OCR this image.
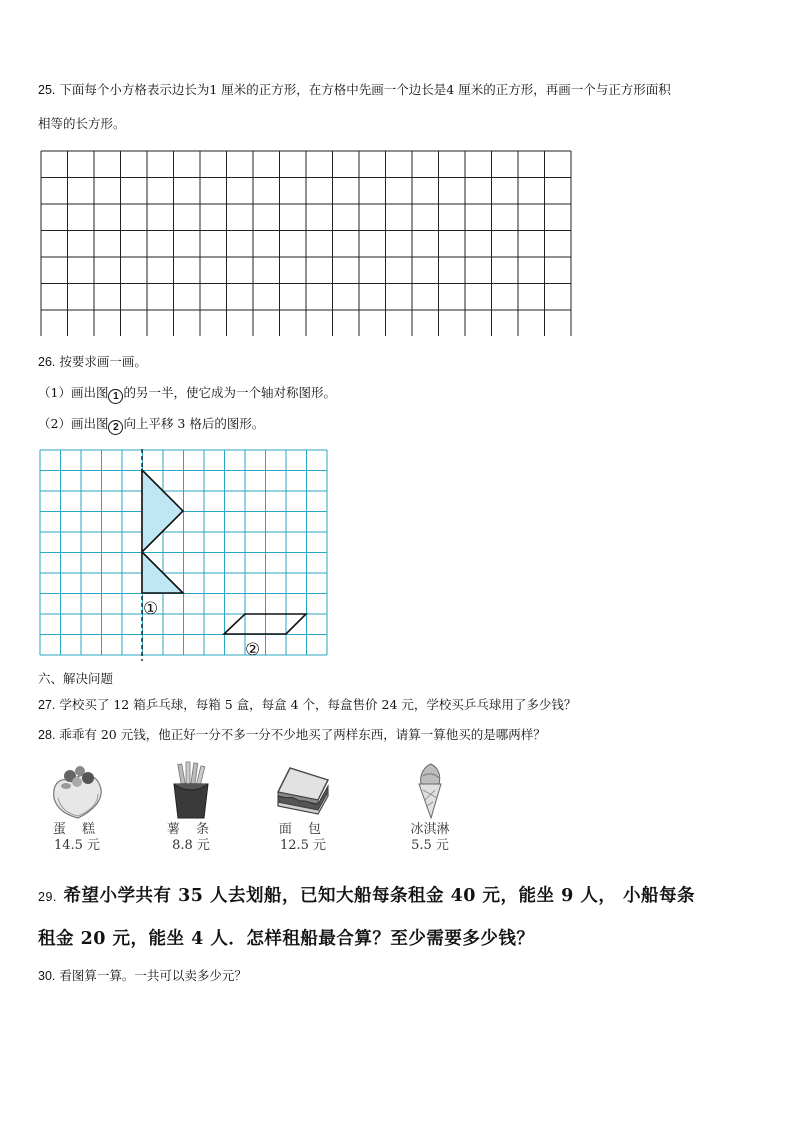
25. 下面每个小方格表示边长为1 厘米的正方形，在方格中先画一个边长是4 厘米的正方形，再画一个与正方形面积
相等的长方形。
26. 按要求画一画。
（1）画出图 1 的另一半，使它成为一个轴对称图形。
（2）画出图 2 向上平移 3 格后的图形。
①
②
六、解决问题
27. 学校买了 12 箱乒乓球，每箱 5 盒，每盒 4 个，每盒售价 24 元，学校买乒乓球用了多少钱？
28. 乖乖有 20 元钱，他正好一分不多一分不少地买了两样东西，请算一算他买的是哪两样？
蛋 糕
14.5 元
薯 条
8.8 元
面 包
12.5 元
冰淇淋
5.5 元
29. 希望小学共有 35 人去划船，已知大船每条租金 40 元，能坐 9 人， 小船每条
租金 20 元，能坐 4 人．怎样租船最合算？至少需要多少钱？
30. 看图算一算。一共可以卖多少元？
